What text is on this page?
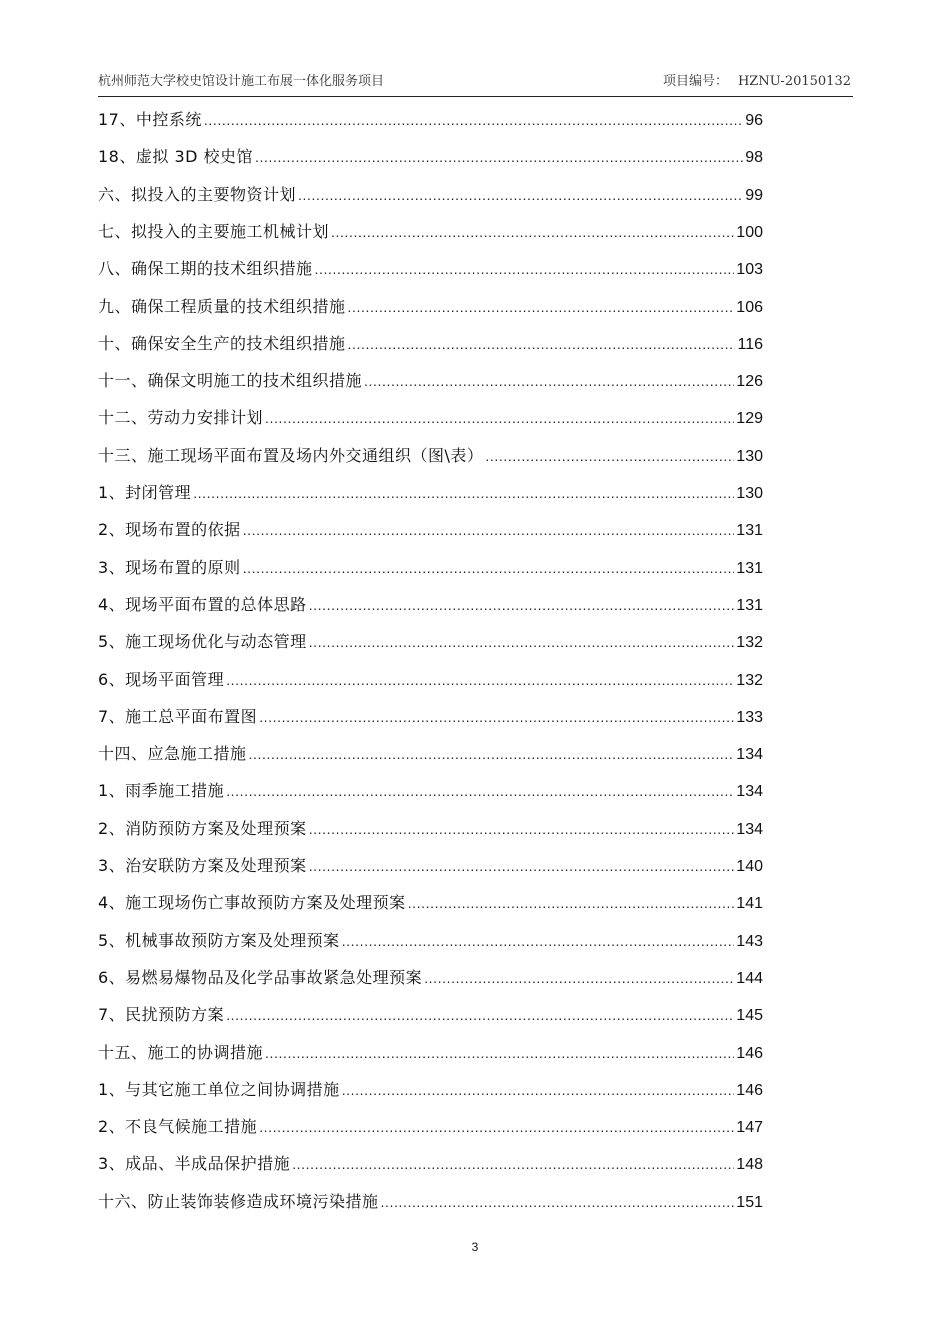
杭州师范大学校史馆设计施工布展一体化服务项目	项目编号： HZNU-20150132
17、中控系统 .....	96
18、虚拟 3D 校史馆 .....	98
六、拟投入的主要物资计划 .....	99
七、拟投入的主要施工机械计划 .....	100
八、确保工期的技术组织措施 .....	103
九、确保工程质量的技术组织措施 .....	106
十、确保安全生产的技术组织措施 .....	116
十一、确保文明施工的技术组织措施 .....	126
十二、劳动力安排计划 .....	129
十三、施工现场平面布置及场内外交通组织（图\表） .....	130
1、封闭管理 .....	130
2、现场布置的依据 .....	131
3、现场布置的原则 .....	131
4、现场平面布置的总体思路 .....	131
5、施工现场优化与动态管理 .....	132
6、现场平面管理 .....	132
7、施工总平面布置图 .....	133
十四、应急施工措施 .....	134
1、雨季施工措施 .....	134
2、消防预防方案及处理预案 .....	134
3、治安联防方案及处理预案 .....	140
4、施工现场伤亡事故预防方案及处理预案 .....	141
5、机械事故预防方案及处理预案 .....	143
6、易燃易爆物品及化学品事故紧急处理预案 .....	144
7、民扰预防方案 .....	145
十五、施工的协调措施 .....	146
1、与其它施工单位之间协调措施 .....	146
2、不良气候施工措施 .....	147
3、成品、半成品保护措施 .....	148
十六、防止装饰装修造成环境污染措施 .....	151
3
